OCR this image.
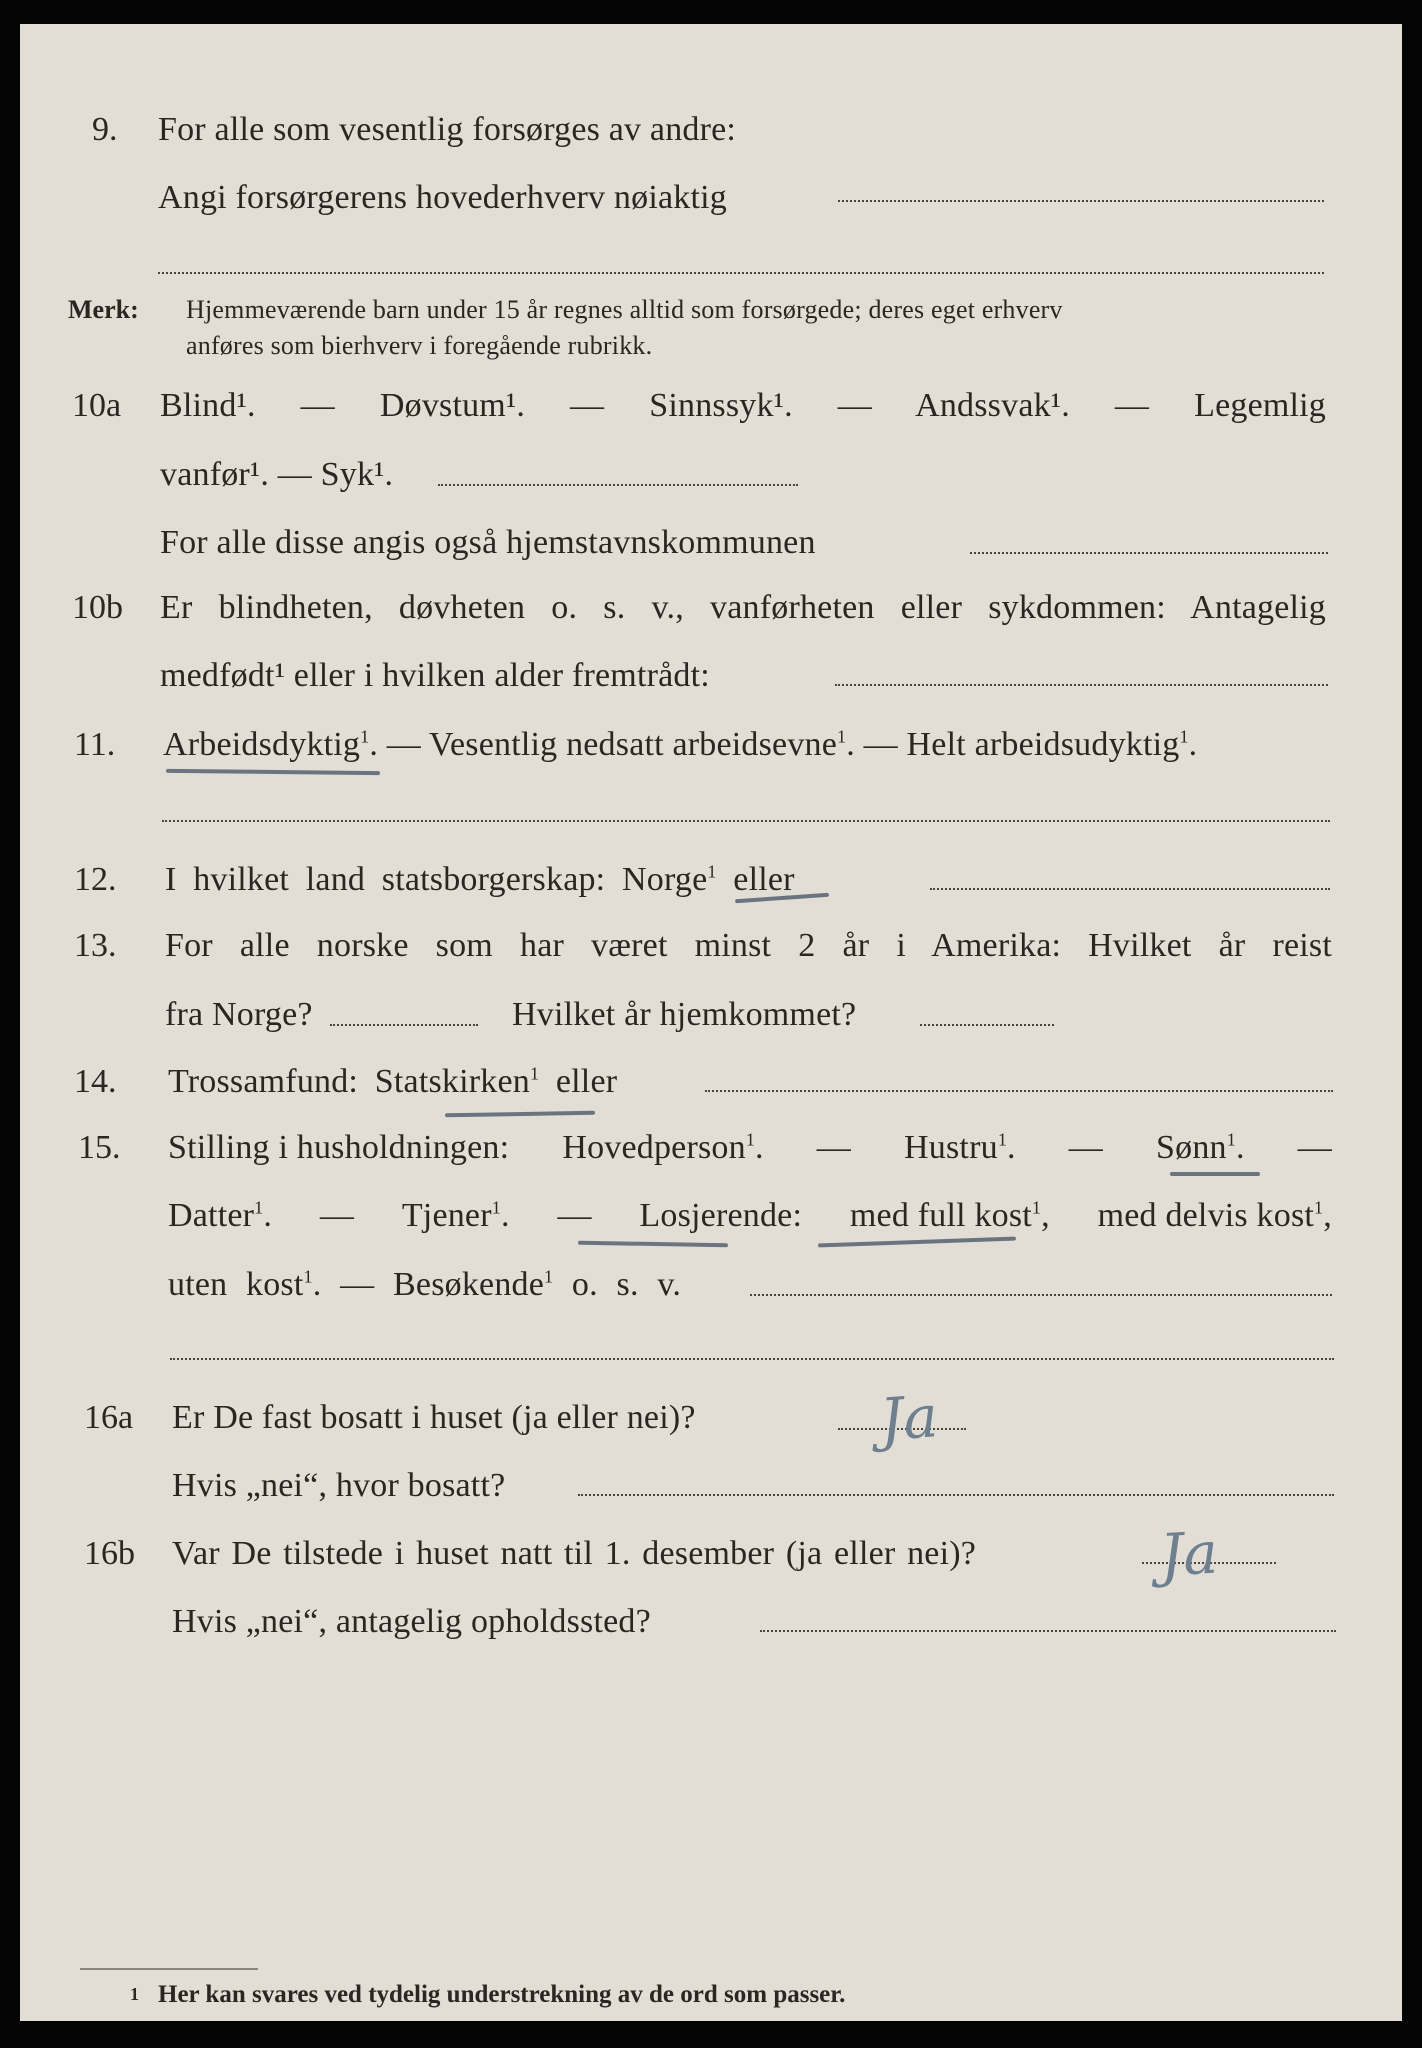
9. For alle som vesentlig forsørges av andre:
Angi forsørgerens hovederhverv nøiaktig
Merk: Hjemmeværende barn under 15 år regnes alltid som forsørgede; deres eget erhverv
anføres som bierhverv i foregående rubrikk.
10a Blind¹. — Døvstum¹. — Sinnssyk¹. — Andssvak¹. — Legemlig
vanfør¹. — Syk¹.
For alle disse angis også hjemstavnskommunen
10b Er blindheten, døvheten o. s. v., vanførheten eller sykdommen: Antagelig
medfødt¹ eller i hvilken alder fremtrådt:
11. Arbeidsdyktig$^1$. — Vesentlig nedsatt arbeidsevne$^1$. — Helt arbeidsudyktig$^1$.
12. I hvilket land statsborgerskap: Norge$^1$ eller
13. For alle norske som har været minst 2 år i Amerika: Hvilket år reist
fra Norge?	Hvilket år hjemkommet?
14. Trossamfund: Statskirken$^1$ eller
15. Stilling i husholdningen: Hovedperson$^1$. — Hustru$^1$. — Sønn$^1$. —
Datter$^1$. — Tjener$^1$. — Losjerende: med full kost$^1$, med delvis kost$^1$,
uten kost$^1$. — Besøkende$^1$ o. s. v.
16a Er De fast bosatt i huset (ja eller nei)?	Ja
Hvis „nei“, hvor bosatt?
16b Var De tilstede i huset natt til 1. desember (ja eller nei)?	Ja
Hvis „nei“, antagelig opholdssted?
1 Her kan svares ved tydelig understrekning av de ord som passer.
